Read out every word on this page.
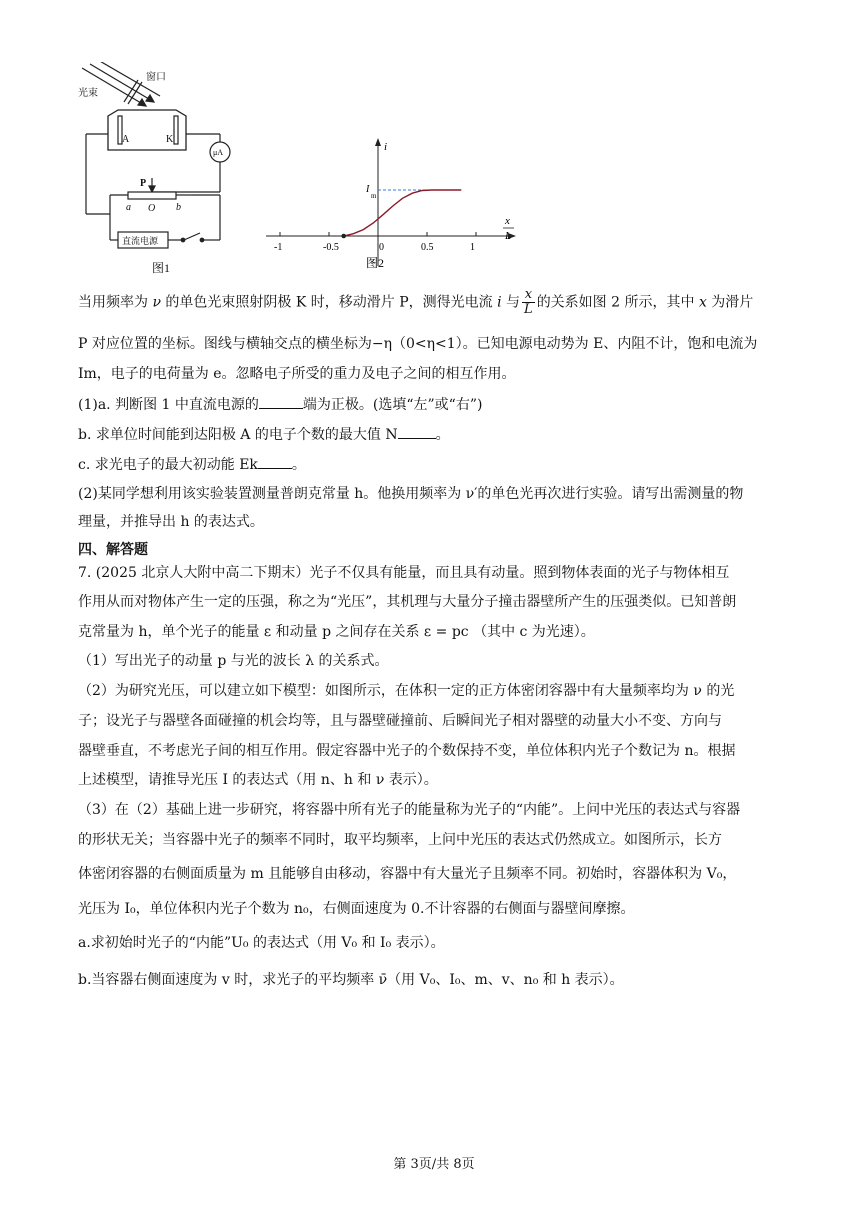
光束
窗口
A	K
μA
P
a O b
直流电源
图1
-1	-0.5	0	0.5	1
i
x
L
I
m
图2
当用频率为 ν 的单色光束照射阴极 K 时，移动滑片 P，测得光电流 i 与 $\frac{x}{L}$ 的关系如图 2 所示，其中 x 为滑片
P 对应位置的坐标。图线与横轴交点的横坐标为−η（0<η<1）。已知电源电动势为 E、内阻不计，饱和电流为
Im，电子的电荷量为 e。忽略电子所受的重力及电子之间的相互作用。
(1)a. 判断图 1 中直流电源的	端为正极。(选填“左”或“右”)
b. 求单位时间能到达阳极 A 的电子个数的最大值 N	。
c. 求光电子的最大初动能 Ek 。
(2)某同学想利用该实验装置测量普朗克常量 h。他换用频率为 ν′的单色光再次进行实验。请写出需测量的物
理量，并推导出 h 的表达式。
四、解答题
7. (2025 北京人大附中高二下期末）光子不仅具有能量，而且具有动量。照到物体表面的光子与物体相互
作用从而对物体产生一定的压强，称之为“光压”，其机理与大量分子撞击器壁所产生的压强类似。已知普朗
克常量为 h，单个光子的能量 ε 和动量 p 之间存在关系 ε = pc （其中 c 为光速）。
（1）写出光子的动量 p 与光的波长 λ 的关系式。
（2）为研究光压，可以建立如下模型：如图所示，在体积一定的正方体密闭容器中有大量频率均为 ν 的光
子；设光子与器壁各面碰撞的机会均等，且与器壁碰撞前、后瞬间光子相对器壁的动量大小不变、方向与
器壁垂直，不考虑光子间的相互作用。假定容器中光子的个数保持不变，单位体积内光子个数记为 n。根据
上述模型，请推导光压 I 的表达式（用 n、h 和 ν 表示）。
（3）在（2）基础上进一步研究，将容器中所有光子的能量称为光子的“内能”。上问中光压的表达式与容器
的形状无关；当容器中光子的频率不同时，取平均频率，上问中光压的表达式仍然成立。如图所示，长方
体密闭容器的右侧面质量为 m 且能够自由移动，容器中有大量光子且频率不同。初始时，容器体积为 V₀，
光压为 I₀，单位体积内光子个数为 n₀，右侧面速度为 0.不计容器的右侧面与器壁间摩擦。
a.求初始时光子的“内能”U₀ 的表达式（用 V₀ 和 I₀ 表示）。
b.当容器右侧面速度为 v 时，求光子的平均频率 ν̄（用 V₀、I₀、m、v、n₀ 和 h 表示）。
第 3页/共 8页
